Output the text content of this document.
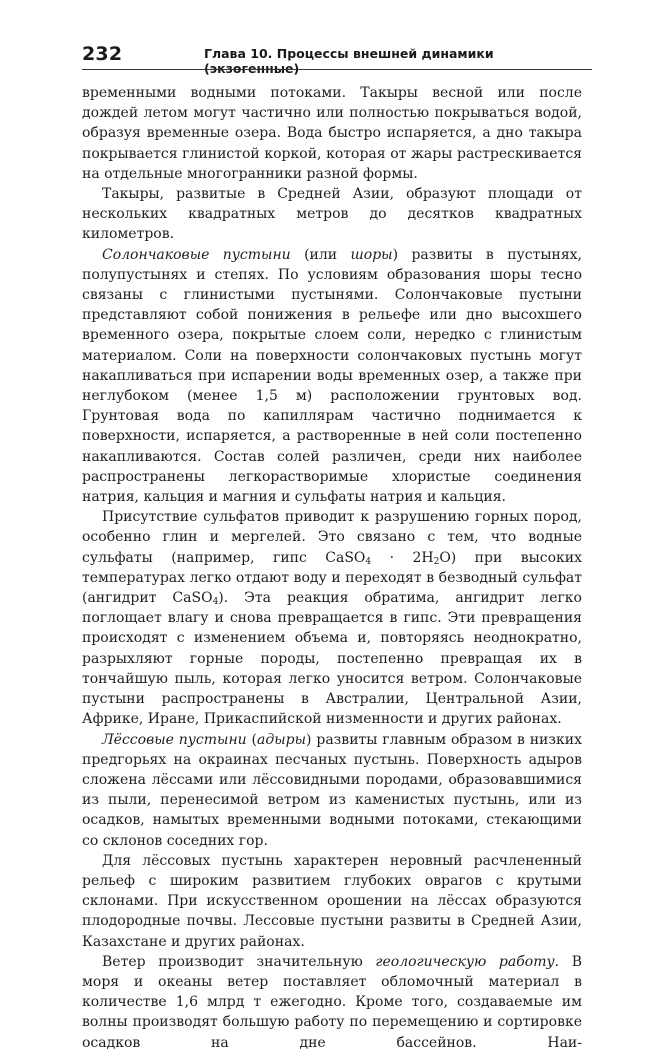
232	Глава 10. Процессы внешней динамики (экзогенные)

временными водными потоками. Такыры весной или после дождей летом могут частично или полностью покрываться водой, образуя временные озера. Вода быстро испаряется, а дно такыра покрывается глинистой коркой, которая от жары растрескивается на отдельные многогранники разной формы.

Такыры, развитые в Средней Азии, образуют площади от нескольких квадратных метров до десятков квадратных километров.

Солончаковые пустыни (или шоры) развиты в пустынях, полупустынях и степях. По условиям образования шоры тесно связаны с глинистыми пустынями. Солончаковые пустыни представляют собой понижения в рельефе или дно высохшего временного озера, покрытые слоем соли, нередко с глинистым материалом. Соли на поверхности солончаковых пустынь могут накапливаться при испарении воды временных озер, а также при неглубоком (менее 1,5 м) расположении грунтовых вод. Грунтовая вода по капиллярам частично поднимается к поверхности, испаряется, а растворенные в ней соли постепенно накапливаются. Состав солей различен, среди них наиболее распространены легкорастворимые хлористые соединения натрия, кальция и магния и сульфаты натрия и кальция.

Присутствие сульфатов приводит к разрушению горных пород, особенно глин и мергелей. Это связано с тем, что водные сульфаты (например, гипс CaSO$_4$ · $2H_2O$) при высоких температурах легко отдают воду и переходят в безводный сульфат (ангидрит CaSO$_4$). Эта реакция обратима, ангидрит легко поглощает влагу и снова превращается в гипс. Эти превращения происходят с изменением объема и, повторяясь неоднократно, разрыхляют горные породы, постепенно превращая их в тончайшую пыль, которая легко уносится ветром. Солончаковые пустыни распространены в Австралии, Центральной Азии, Африке, Иране, Прикаспийской низменности и других районах.

Лёссовые пустыни (адыры) развиты главным образом в низких предгорьях на окраинах песчаных пустынь. Поверхность адыров сложена лёссами или лёссовидными породами, образовавшимися из пыли, перенесимой ветром из каменистых пустынь, или из осадков, намытых временными водными потоками, стекающими со склонов соседних гор.

Для лёссовых пустынь характерен неровный расчлененный рельеф с широким развитием глубоких оврагов с крутыми склонами. При искусственном орошении на лёссах образуются плодородные почвы. Лессовые пустыни развиты в Средней Азии, Казахстане и других районах.

Ветер производит значительную геологическую работу. В моря и океаны ветер поставляет обломочный материал в количестве 1,6 млрд т ежегодно. Кроме того, создаваемые им волны производят большую работу по перемещению и сортировке осадков на дне бассейнов. Наи-
